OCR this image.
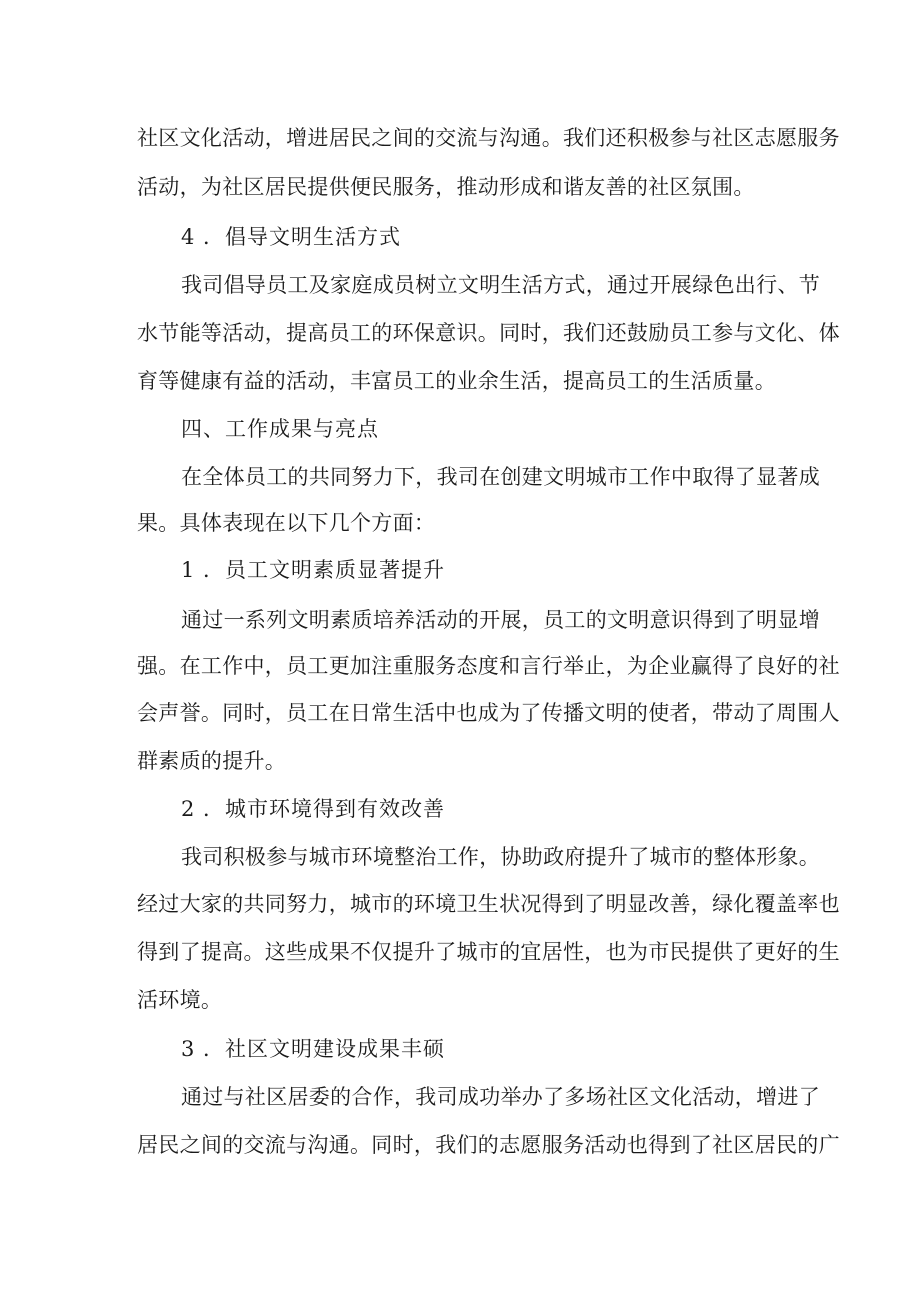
社区文化活动，增进居民之间的交流与沟通。我们还积极参与社区志愿服务
活动，为社区居民提供便民服务，推动形成和谐友善的社区氛围。
4 ．倡导文明生活方式
我司倡导员工及家庭成员树立文明生活方式，通过开展绿色出行、节
水节能等活动，提高员工的环保意识。同时，我们还鼓励员工参与文化、体
育等健康有益的活动，丰富员工的业余生活，提高员工的生活质量。
四、工作成果与亮点
在全体员工的共同努力下，我司在创建文明城市工作中取得了显著成
果。具体表现在以下几个方面：
1 ．员工文明素质显著提升
通过一系列文明素质培养活动的开展，员工的文明意识得到了明显增
强。在工作中，员工更加注重服务态度和言行举止，为企业赢得了良好的社
会声誉。同时，员工在日常生活中也成为了传播文明的使者，带动了周围人
群素质的提升。
2 ．城市环境得到有效改善
我司积极参与城市环境整治工作，协助政府提升了城市的整体形象。
经过大家的共同努力，城市的环境卫生状况得到了明显改善，绿化覆盖率也
得到了提高。这些成果不仅提升了城市的宜居性，也为市民提供了更好的生
活环境。
3 ．社区文明建设成果丰硕
通过与社区居委的合作，我司成功举办了多场社区文化活动，增进了
居民之间的交流与沟通。同时，我们的志愿服务活动也得到了社区居民的广
